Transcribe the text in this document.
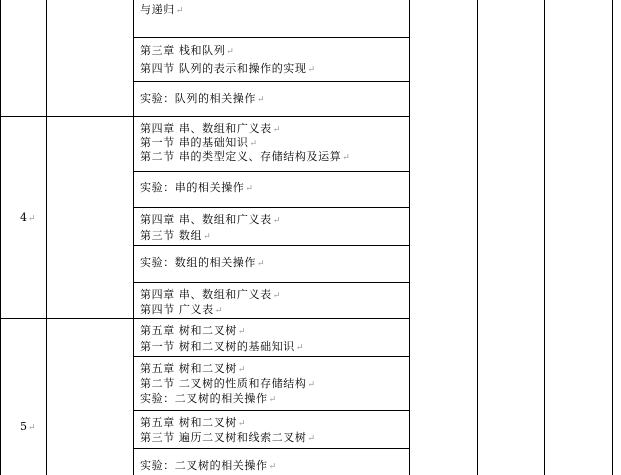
4↵
5↵
与递归↵
第三章 栈和队列↵
第四节 队列的表示和操作的实现↵
实验：队列的相关操作↵
第四章 串、数组和广义表↵
第一节 串的基础知识↵
第二节 串的类型定义、存储结构及运算↵
实验：串的相关操作↵
第四章 串、数组和广义表↵
第三节 数组↵
实验：数组的相关操作↵
第四章 串、数组和广义表↵
第四节 广义表↵
第五章 树和二叉树↵
第一节 树和二叉树的基础知识↵
第五章 树和二叉树↵
第二节 二叉树的性质和存储结构↵
实验：二叉树的相关操作↵
第五章 树和二叉树↵
第三节 遍历二叉树和线索二叉树↵
实验：二叉树的相关操作↵
